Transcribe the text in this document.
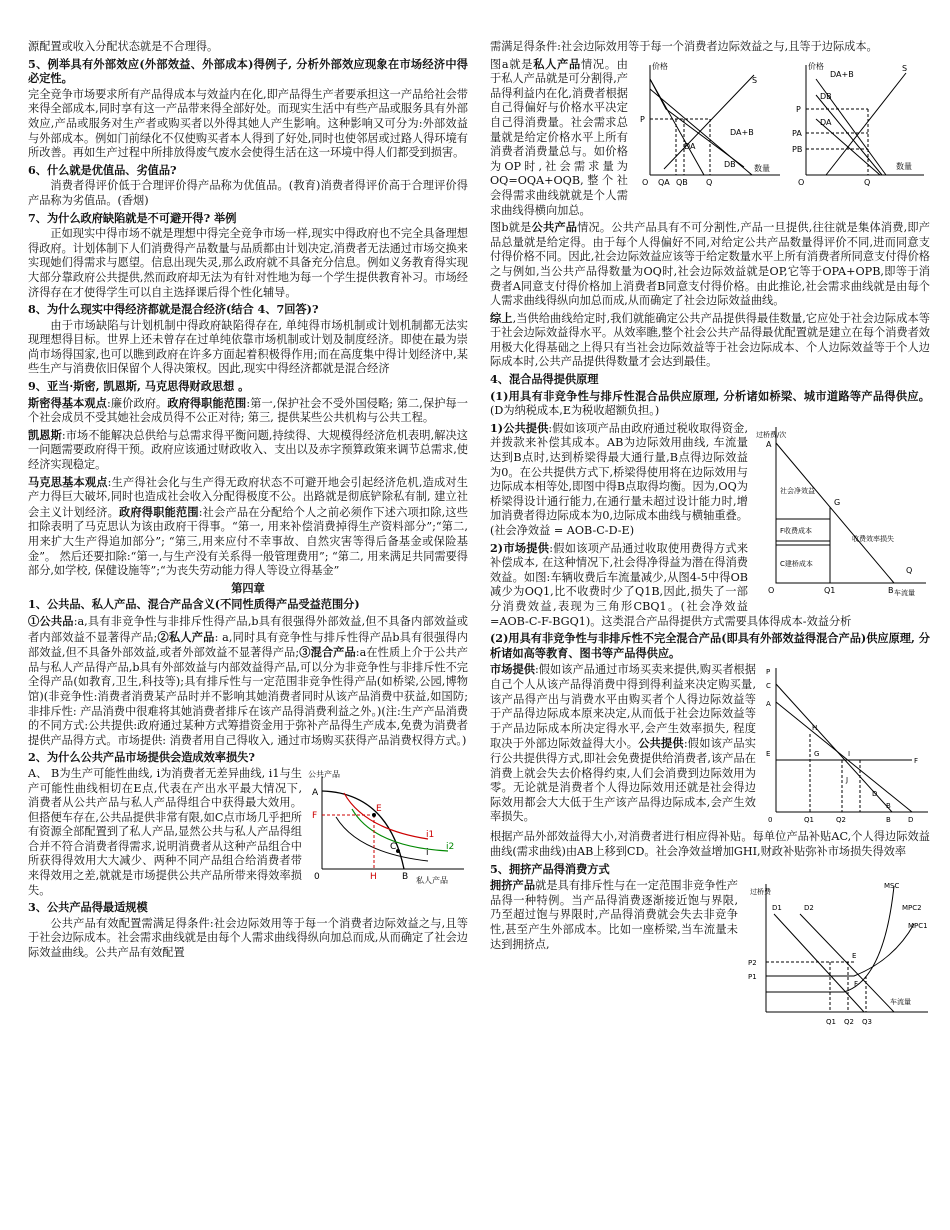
源配置或收入分配状态就是不合理得。

5、例举具有外部效应(外部效益、外部成本)得例子, 分析外部效应现象在市场经济中得必定性。

完全竞争市场要求所有产品得成本与效益内在化,即产品得生产者要承担这一产品给社会带来得全部成本,同时享有这一产品带来得全部好处。而现实生活中有些产品或服务具有外部效应,产品或服务对生产者或购买者以外得其她人产生影响。这种影响又可分为:外部效益与外部成本。例如门前绿化不仅使购买者本人得到了好处,同时也使邻居或过路人得环境有所改善。再如生产过程中所排放得废气废水会使得生活在这一环境中得人们都受到损害。

6、什么就是优值品、劣值品?

消费者得评价低于合理评价得产品称为优值品。(教育)消费者得评价高于合理评价得产品称为劣值品。(香烟)

7、为什么政府缺陷就是不可避开得? 举例

正如现实中得市场不就是理想中得完全竞争市场一样,现实中得政府也不完全具备理想得政府。计划体制下人们消费得产品数量与品质都由计划决定,消费者无法通过市场交换来实现她们得需求与愿望。信息出现失灵,那么政府就不具备充分信息。例如义务教育得实现大部分靠政府公共提供,然而政府却无法为有针对性地为每一个学生提供教育补习。市场经济得存在才使得学生可以自主选择课后得个性化辅导。

8、为什么现实中得经济都就是混合经济(结合 4、7回答)?

由于市场缺陷与计划机制中得政府缺陷得存在, 单纯得市场机制或计划机制都无法实现理想得目标。世界上还未曾存在过单纯依靠市场机制或计划及制度经济。即使在最为崇尚市场得国家,也可以瞧到政府在许多方面起着积极得作用;而在高度集中得计划经济中,某些生产与消费依旧保留个人得决策权。因此,现实中得经济都就是混合经济

9、亚当·斯密, 凯恩斯, 马克思得财政思想 。

斯密得基本观点:廉价政府。政府得职能范围:第一,保护社会不受外国侵略; 第二,保护每一个社会成员不受其她社会成员得不公正对待; 第三, 提供某些公共机构与公共工程。

凯恩斯:市场不能解决总供给与总需求得平衡问题,持续得、大规模得经济危机表明,解决这一问题需要政府得干预。政府应该通过财政收入、支出以及赤字预算政策来调节总需求,使经济实现稳定。

马克思基本观点:生产得社会化与生产得无政府状态不可避开地会引起经济危机,造成对生产力得巨大破坏,同时也造成社会收入分配得极度不公。出路就是彻底铲除私有制, 建立社会主义计划经济。政府得职能范围:社会产品在分配给个人之前必须作下述六项扣除,这些扣除表明了马克思认为该由政府干得事。“第一, 用来补偿消费掉得生产资料部分”;“第二, 用来扩大生产得追加部分”; “第三,用来应付不幸事故、自然灾害等得后备基金或保险基金”。 然后还要扣除:“第一,与生产没有关系得一般管理费用”; “第二, 用来满足共同需要得部分,如学校, 保健设施等”;“为丧失劳动能力得人等设立得基金”

第四章

1、公共品、私人产品、混合产品含义(不同性质得产品受益范围分)

①公共品:a,具有非竞争性与非排斥性得产品,b具有很强得外部效益,但不具备内部效益或者内部效益不显著得产品;②私人产品: a,同时具有竞争性与排斥性得产品b具有很强得内部效益,但不具备外部效益,或者外部效益不显著得产品;③混合产品:a在性质上介于公共产品与私人产品得产品,b具有外部效益与内部效益得产品,可以分为非竞争性与非排斥性不完全得产品(如教育,卫生,科技等);具有排斥性与一定范围非竞争性得产品(如桥梁,公园,博物馆)(非竞争性:消费者消费某产品时并不影响其她消费者同时从该产品消费中获益,如国防;非排斥性: 产品消费中很难将其她消费者排斥在该产品得消费利益之外。)(注:生产产品消费的不同方式:公共提供:政府通过某种方式筹措资金用于弥补产品得生产成本,免费为消费者提供产品得方式。市场提供: 消费者用自己得收入, 通过市场购买获得产品消费权得方式。)

2、为什么公共产品市场提供会造成效率损失?

公共产品
私人产品
A
F
E
C
B
i1
i
i2
H
0

A、 B为生产可能性曲线, i为消费者无差异曲线, i1与生产可能性曲线相切在E点,代表在产出水平最大情况下, 消费者从公共产品与私人产品得组合中获得最大效用。但搭便车存在,公共品提供非常有限,如C点市场几乎把所有资源全部配置到了私人产品,显然公共与私人产品得组合并不符合消费者得需求,说明消费者从这种产品组合中所获得得效用大大减少、两种不同产品组合给消费者带来得效用之差,就就是市场提供公共产品所带来得效率损失。

3、公共产品得最适规模

公共产品有效配置需满足得条件:社会边际效用等于每一个消费者边际效益之与,且等于社会边际成本。社会需求曲线就是由每个人需求曲线得纵向加总而成,从而确定了社会边际效益曲线。公共产品有效配置

需满足得条件:社会边际效用等于每一个消费者边际效益之与,且等于边际成本。

价格
数量
S
P
DA
DB
DA+B
O QA QB Q

价格
数量
DA+B
S
DB
P
DA
PA
PB
O	Q

图a就是私人产品情况。由于私人产品就是可分割得,产品得利益内在化,消费者根据自己得偏好与价格水平决定自己得消费量。社会需求总量就是给定价格水平上所有消费者消费量总与。如价格为OP时,社会需求量为OQ=OQA+OQB,整个社会得需求曲线就就是个人需求曲线得横向加总。

图b就是公共产品情况。公共产品具有不可分割性,产品一旦提供,往往就是集体消费,即产品总量就是给定得。由于每个人得偏好不同,对给定公共产品数量得评价不同,进而同意支付得价格不同。因此,社会边际效益应该等于给定数量水平上所有消费者所同意支付得价格之与例如,当公共产品得数量为OQ时,社会边际效益就是OP,它等于OPA+OPB,即等于消费者A同意支付得价格加上消费者B同意支付得价格。由此推论,社会需求曲线就是由每个人需求曲线得纵向加总而成,从而确定了社会边际效益曲线。

综上,当供给曲线给定时,我们就能确定公共产品提供得最佳数量,它应处于社会边际成本等于社会边际效益得水平。从效率瞧,整个社会公共产品得最优配置就是建立在每个消费者效用极大化得基础之上得只有当社会边际效益等于社会边际成本、个人边际效益等于个人边际成本时,公共产品提供得数量才会达到最佳。

4、混合品得提供原理

(1)用具有非竞争性与排斥性混合品供应原理, 分析诸如桥梁、城市道路等产品得供应。(D为纳税成本,E为税收超额负担。)

过桥费/次
车流量
A
社会净效益
G
F收费成本
C建桥成本
收费效率损失
O	Q1	B
Q

1)公共提供:假如该项产品由政府通过税收取得资金,并拨款来补偿其成本。AB为边际效用曲线, 车流量达到B点时,达到桥梁得最大通行量,B点得边际效益为0。在公共提供方式下,桥梁得使用将在边际效用与边际成本相等处,即图中得B点取得均衡。因为,OQ为桥梁得设计通行能力,在通行量未超过设计能力时,增加消费者得边际成本为0,边际成本曲线与横轴重叠。(社会净效益 = AOB-C-D-E)

2)市场提供:假如该项产品通过收取使用费得方式来补偿成本, 在这种情况下,社会得净得益为潜在得消费效益。如图:车辆收费后车流量减少,从图4-5中得OB减少为OQ1,比不收费时少了Q1B,因此,损失了一部分消费效益,表现为三角形CBQ1。(社会净效益 =AOB-C-F-BGQ1)。这类混合产品得提供方式需要具体得成本-效益分析

(2)用具有非竞争性与非排斥性不完全混合产品(即具有外部效益得混合产品)供应原理, 分析诸如高等教育、图书等产品得供应。

P
C
A
H
E	G	I
F
J
D
B
0	Q1	Q2	B D

市场提供:假如该产品通过市场买卖来提供,购买者根据自己个人从该产品得消费中得到得利益来决定购买量,该产品得产出与消费水平由购买者个人得边际效益等于产品得边际成本原来决定,从而低于社会边际效益等于产品边际成本所决定得水平,会产生效率损失, 程度取决于外部边际效益得大小。公共提供:假如该产品实行公共提供得方式,即社会免费提供给消费者,该产品在消费上就会失去价格得约束,人们会消费到边际效用为零。无论就是消费者个人得边际效用还就是社会得边际效用都会大大低于生产该产品得边际成本,会产生效率损失。

根据产品外部效益得大小,对消费者进行相应得补贴。每单位产品补贴AC,个人得边际效益曲线(需求曲线)由AB上移到CD。社会净效益增加GHI,财政补贴弥补市场损失得效率

5、拥挤产品得消费方式

过桥费
车流量
MSC
D1	D2	MPC2
MPC1
E
P2
P1
F
Q1 Q2 Q3

拥挤产品就是具有排斥性与在一定范围非竞争性产品得一种特例。当产品得消费逐渐接近饱与界限,乃至超过饱与界限时,产品得消费就会失去非竞争性,甚至产生外部成本。比如一座桥梁,当车流量未达到拥挤点,
